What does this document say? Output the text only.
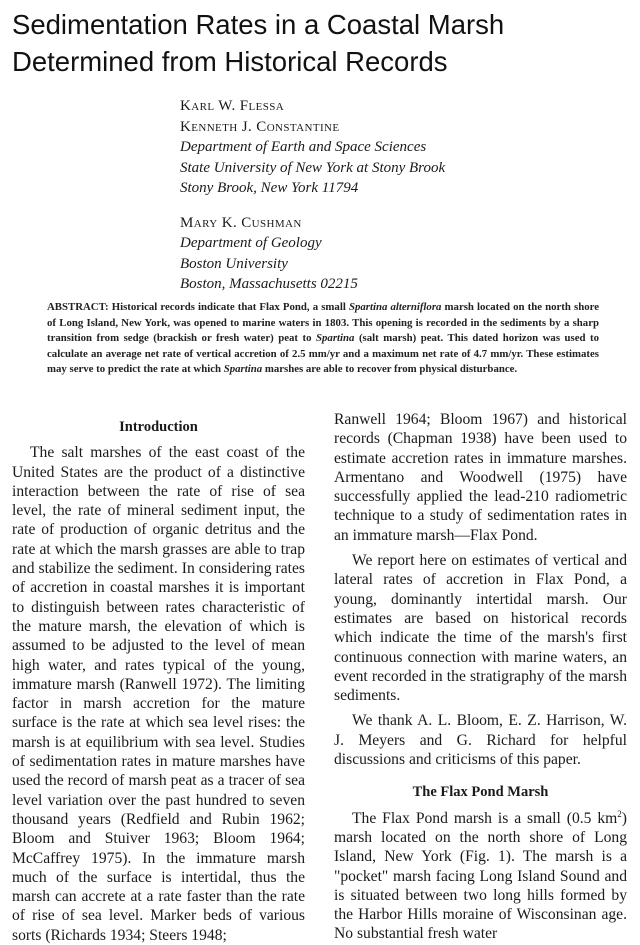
Sedimentation Rates in a Coastal Marsh
Determined from Historical Records
Karl W. Flessa
Kenneth J. Constantine
Department of Earth and Space Sciences
State University of New York at Stony Brook
Stony Brook, New York 11794
Mary K. Cushman
Department of Geology
Boston University
Boston, Massachusetts 02215
ABSTRACT: Historical records indicate that Flax Pond, a small Spartina alterniflora marsh located on the north shore of Long Island, New York, was opened to marine waters in 1803. This opening is recorded in the sediments by a sharp transition from sedge (brackish or fresh water) peat to Spartina (salt marsh) peat. This dated horizon was used to calculate an average net rate of vertical accretion of 2.5 mm/yr and a maximum net rate of 4.7 mm/yr. These estimates may serve to predict the rate at which Spartina marshes are able to recover from physical disturbance.

Introduction

The salt marshes of the east coast of the United States are the product of a distinctive interaction between the rate of rise of sea level, the rate of mineral sediment input, the rate of production of organic detritus and the rate at which the marsh grasses are able to trap and stabilize the sediment. In considering rates of accretion in coastal marshes it is important to distinguish between rates characteristic of the mature marsh, the elevation of which is assumed to be adjusted to the level of mean high water, and rates typical of the young, immature marsh (Ranwell 1972). The limiting factor in marsh accretion for the mature surface is the rate at which sea level rises: the marsh is at equilibrium with sea level. Studies of sedimentation rates in mature marshes have used the record of marsh peat as a tracer of sea level variation over the past hundred to seven thousand years (Redfield and Rubin 1962; Bloom and Stuiver 1963; Bloom 1964; McCaffrey 1975). In the immature marsh much of the surface is intertidal, thus the marsh can accrete at a rate faster than the rate of rise of sea level. Marker beds of various sorts (Richards 1934; Steers 1948;

Ranwell 1964; Bloom 1967) and historical records (Chapman 1938) have been used to estimate accretion rates in immature marshes. Armentano and Woodwell (1975) have successfully applied the lead-210 radiometric technique to a study of sedimentation rates in an immature marsh—Flax Pond.

We report here on estimates of vertical and lateral rates of accretion in Flax Pond, a young, dominantly intertidal marsh. Our estimates are based on historical records which indicate the time of the marsh's first continuous connection with marine waters, an event recorded in the stratigraphy of the marsh sediments.

We thank A. L. Bloom, E. Z. Harrison, W. J. Meyers and G. Richard for helpful discussions and criticisms of this paper.

The Flax Pond Marsh

The Flax Pond marsh is a small (0.5 $km^2$) marsh located on the north shore of Long Island, New York (Fig. 1). The marsh is a "pocket" marsh facing Long Island Sound and is situated between two long hills formed by the Harbor Hills moraine of Wisconsinan age. No substantial fresh water
